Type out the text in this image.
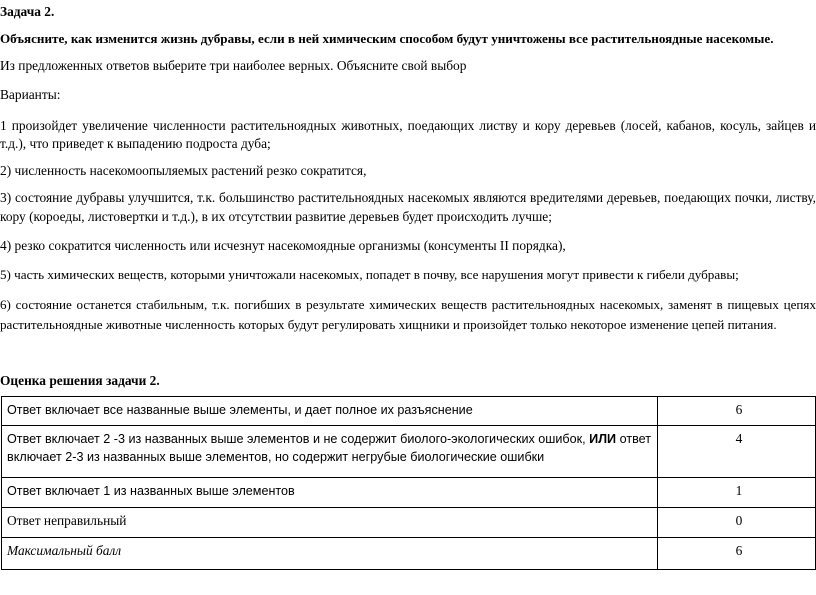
Задача 2.
Объясните, как изменится жизнь дубравы, если в ней химическим способом будут уничтожены все растительноядные насекомые.
Из предложенных ответов выберите три наиболее верных. Объясните свой выбор
Варианты:
1 произойдет увеличение численности растительноядных животных, поедающих листву и кору деревьев (лосей, кабанов, косуль, зайцев и
т.д.), что приведет к выпадению подроста дуба;
2) численность насекомоопыляемых растений резко сократится,
3) состояние дубравы улучшится, т.к. большинство растительноядных насекомых являются вредителями деревьев, поедающих почки, листву,
кору (короеды, листовертки и т.д.), в их отсутствии развитие деревьев будет происходить лучше;
4) резко сократится численность или исчезнут насекомоядные организмы (консументы II порядка),
5) часть химических веществ, которыми уничтожали насекомых, попадет в почву, все нарушения могут привести к гибели дубравы;
6) состояние останется стабильным, т.к. погибших в результате химических веществ растительноядных насекомых, заменят в пищевых цепях
растительноядные животные численность которых будут регулировать хищники и произойдет только некоторое изменение цепей питания.
Оценка решения задачи 2.
Ответ включает все названные выше элементы, и дает полное их разъяснение	6
Ответ включает 2 -3 из названных выше элементов и не содержит биолого-экологических ошибок, ИЛИ ответ
включает 2-3 из названных выше элементов, но содержит негрубые биологические ошибки	4
Ответ включает 1 из названных выше элементов	1
Ответ неправильный	0
Максимальный балл	6
